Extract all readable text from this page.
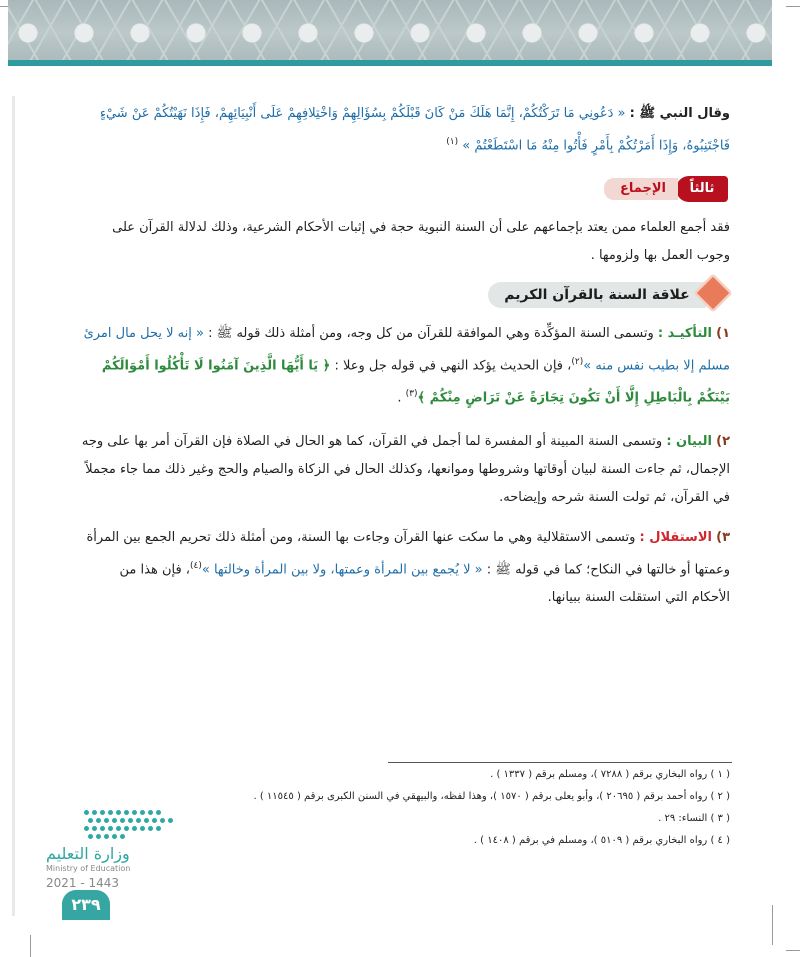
وقال النبي ﷺ : « دَعُونِي مَا تَرَكْتُكُمْ، إِنَّمَا هَلَكَ مَنْ كَانَ قَبْلَكُمْ بِسُؤَالِهِمْ وَاخْتِلافِهِمْ عَلَى أَنْبِيَائِهِمْ، فَإِذَا نَهَيْتُكُمْ عَنْ شَيْءٍ فَاجْتَنِبُوهُ، وَإِذَا أَمَرْتُكُمْ بِأَمْرٍ فَأْتُوا مِنْهُ مَا اسْتَطَعْتُمْ » $^{(١)}$
ثالثاً
الإجماع
فقد أجمع العلماء ممن يعتد بإجماعهم على أن السنة النبوية حجة في إثبات الأحكام الشرعية، وذلك لدلالة القرآن على وجوب العمل بها ولزومها .
علاقة السنة بالقرآن الكريم
١) التأكيـد : وتسمى السنة المؤكِّدة وهي الموافقة للقرآن من كل وجه، ومن أمثلة ذلك قوله ﷺ : « إنه لا يحل مال امرئ مسلم إلا بطيب نفس منه »$^{(٢)}$، فإن الحديث يؤكد النهي في قوله جل وعلا : ﴿ يَا أَيُّهَا الَّذِينَ آمَنُوا لَا تَأْكُلُوا أَمْوَالَكُمْ بَيْنَكُمْ بِالْبَاطِلِ إِلَّا أَنْ تَكُونَ تِجَارَةً عَنْ تَرَاضٍ مِنْكُمْ ﴾$^{(٣)}$ .
٢) البيان : وتسمى السنة المبينة أو المفسرة لما أجمل في القرآن، كما هو الحال في الصلاة فإن القرآن أمر بها على وجه الإجمال، ثم جاءت السنة لبيان أوقاتها وشروطها وموانعها، وكذلك الحال في الزكاة والصيام والحج وغير ذلك مما جاء مجملاً في القرآن، ثم تولت السنة شرحه وإيضاحه.
٣) الاستقلال : وتسمى الاستقلالية وهي ما سكت عنها القرآن وجاءت بها السنة، ومن أمثلة ذلك تحريم الجمع بين المرأة وعمتها أو خالتها في النكاح؛ كما في قوله ﷺ : « لا يُجمع بين المرأة وعمتها، ولا بين المرأة وخالتها »$^{(٤)}$، فإن هذا من الأحكام التي استقلت السنة ببيانها.
( ١ ) رواه البخاري برقم ( ٧٢٨٨ )، ومسلم برقم ( ١٣٣٧ ) .
( ٢ ) رواه أحمد برقم ( ٢٠٦٩٥ )، وأبو يعلى برقم ( ١٥٧٠ )، وهذا لفظه، والبيهقي في السنن الكبرى برقم ( ١١٥٤٥ ) .
( ٣ ) النساء: ٢٩ .
( ٤ ) رواه البخاري برقم ( ٥١٠٩ )، ومسلم في برقم ( ١٤٠٨ ) .
وزارة التعليم
Ministry of Education
2021 - 1443
٢٣٩
